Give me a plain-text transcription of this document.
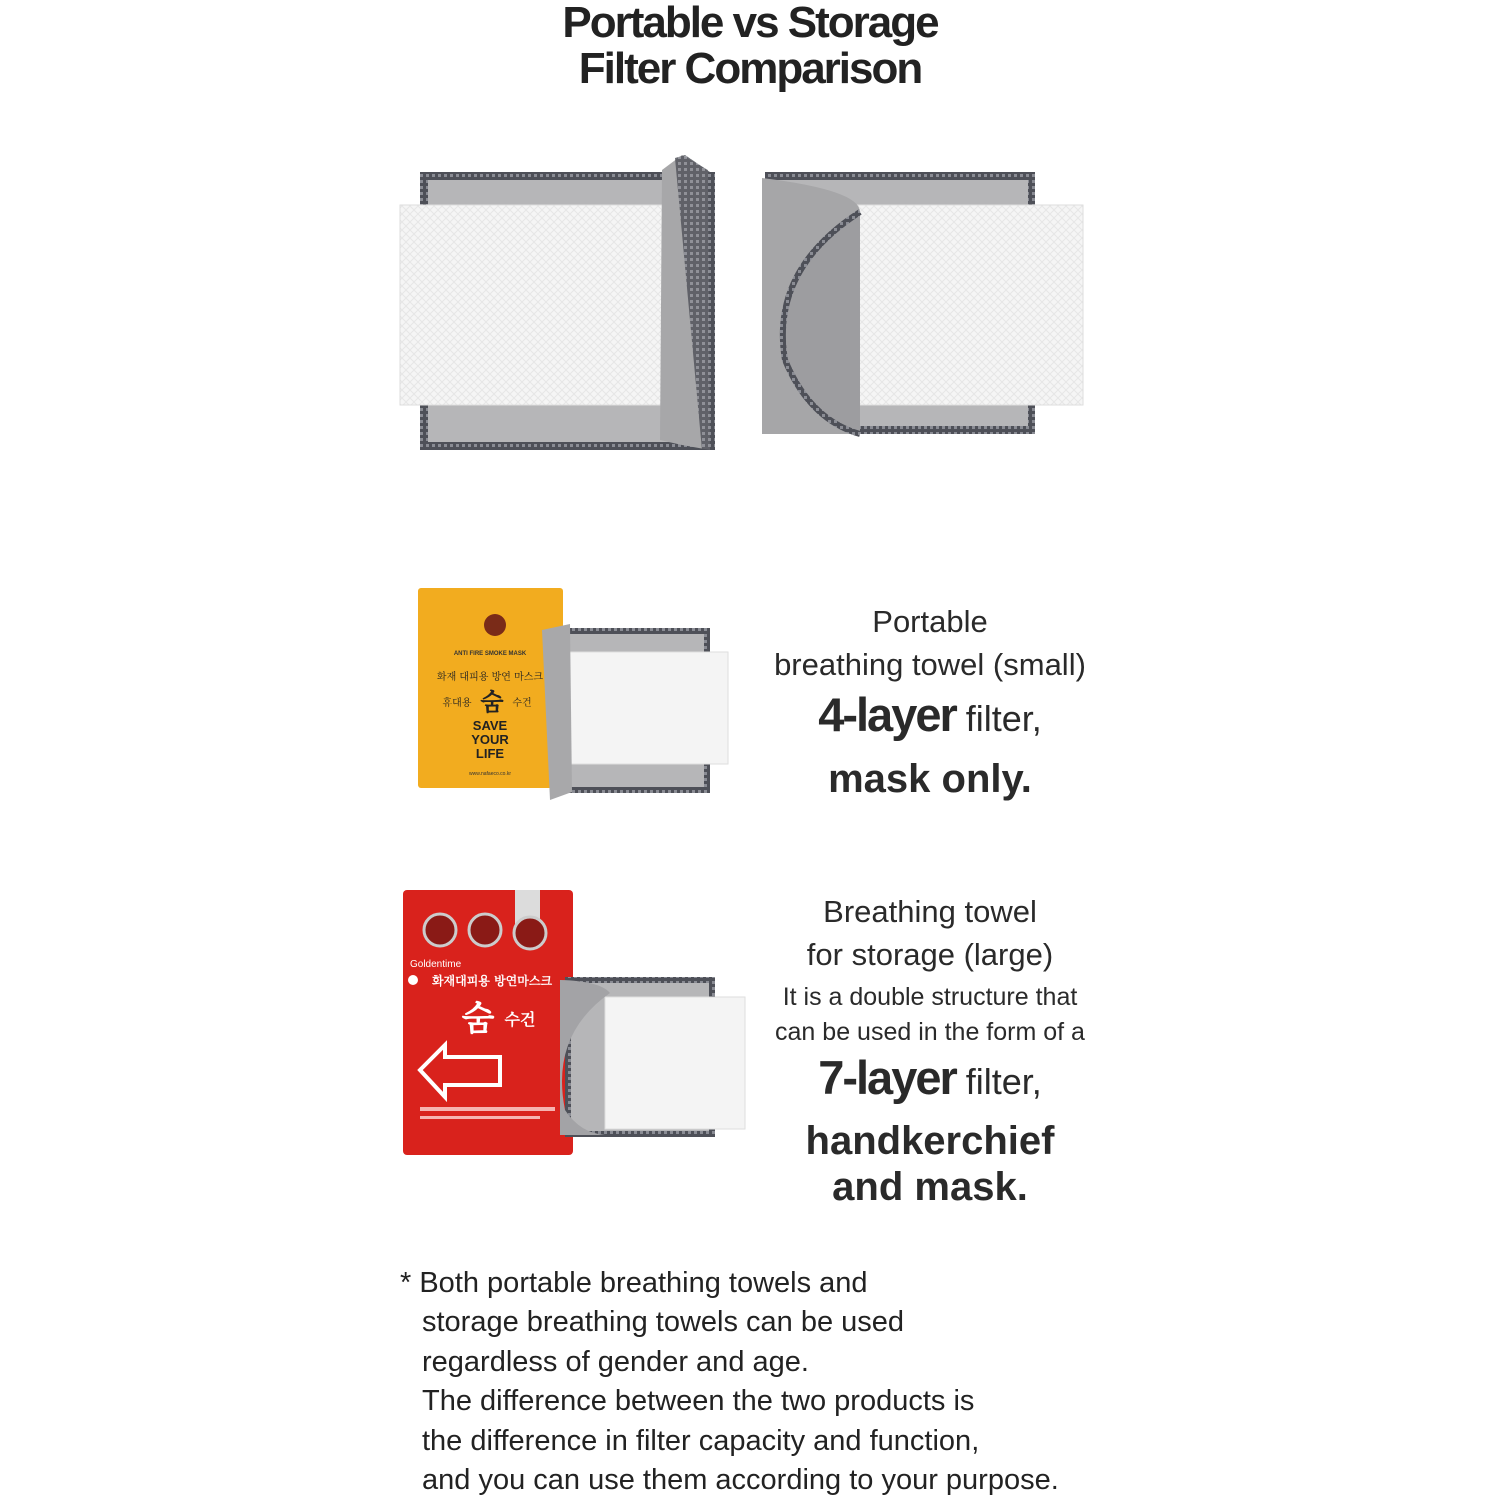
Portable vs Storage
Filter Comparison
ANTI FIRE SMOKE MASK
화재 대피용 방연 마스크
휴대용 숨 수건
SAVE
YOUR
LIFE
www.nafaeco.co.kr
Portable
breathing towel (small)
4-layer filter,
mask only.
Goldentime
화재대피용 방연마스크
숨 수건
Breathing towel
for storage (large)
It is a double structure that
can be used in the form of a
7-layer filter,
handkerchief
and mask.
* Both portable breathing towels and
storage breathing towels can be used
regardless of gender and age.
The difference between the two products is
the difference in filter capacity and function,
and you can use them according to your purpose.
